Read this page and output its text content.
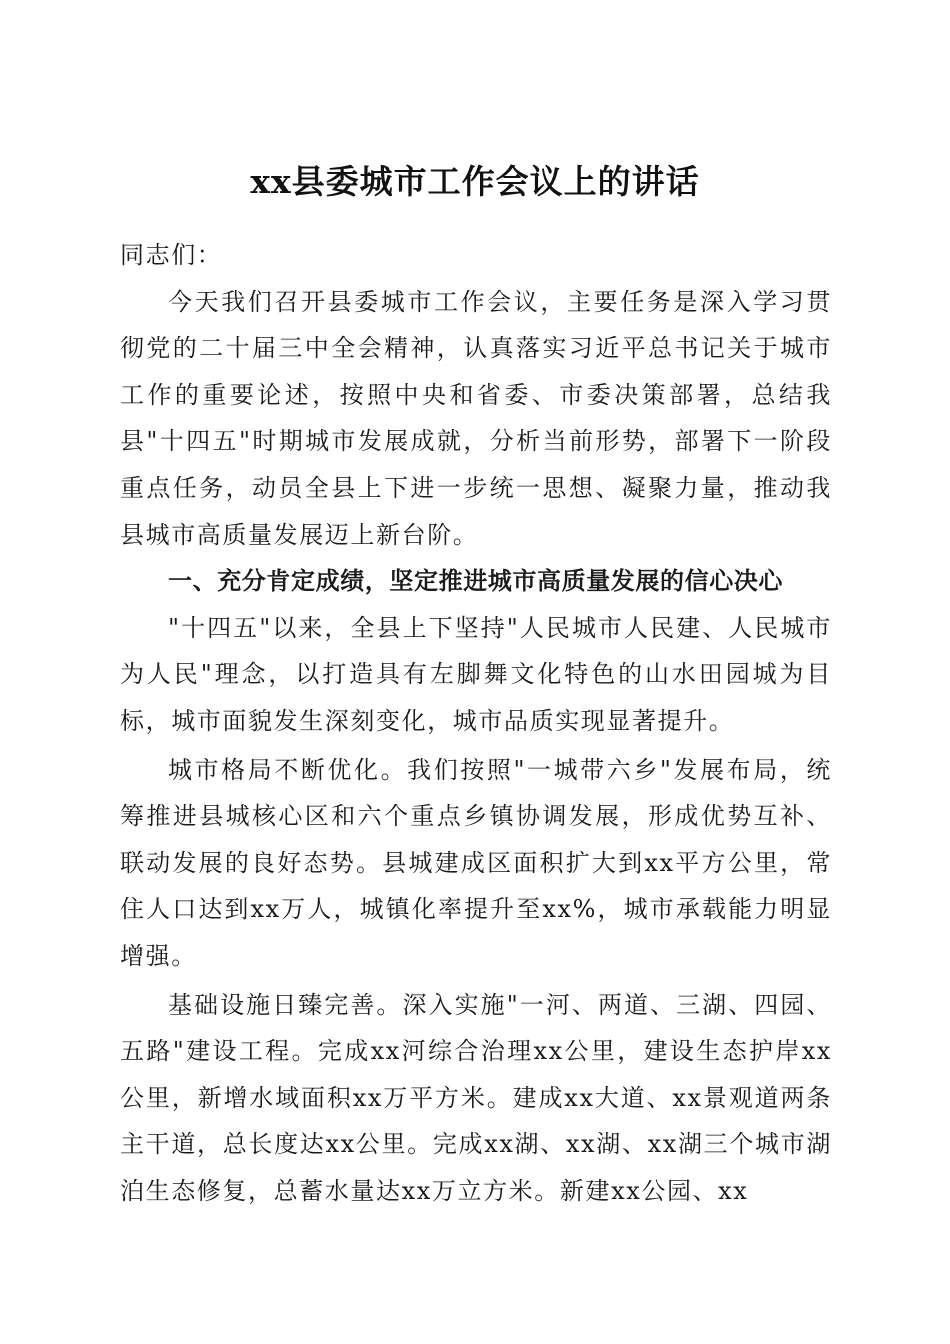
xx县委城市工作会议上的讲话

同志们：

今天我们召开县委城市工作会议，主要任务是深入学习贯彻党的二十届三中全会精神，认真落实习近平总书记关于城市工作的重要论述，按照中央和省委、市委决策部署，总结我县"十四五"时期城市发展成就，分析当前形势，部署下一阶段重点任务，动员全县上下进一步统一思想、凝聚力量，推动我县城市高质量发展迈上新台阶。

一、充分肯定成绩，坚定推进城市高质量发展的信心决心

"十四五"以来，全县上下坚持"人民城市人民建、人民城市为人民"理念，以打造具有左脚舞文化特色的山水田园城为目标，城市面貌发生深刻变化，城市品质实现显著提升。

城市格局不断优化。我们按照"一城带六乡"发展布局，统筹推进县城核心区和六个重点乡镇协调发展，形成优势互补、联动发展的良好态势。县城建成区面积扩大到xx平方公里，常住人口达到xx万人，城镇化率提升至xx%，城市承载能力明显增强。

基础设施日臻完善。深入实施"一河、两道、三湖、四园、五路"建设工程。完成xx河综合治理xx公里，建设生态护岸xx公里，新增水域面积xx万平方米。建成xx大道、xx景观道两条主干道，总长度达xx公里。完成xx湖、xx湖、xx湖三个城市湖泊生态修复，总蓄水量达xx万立方米。新建xx公园、xx
